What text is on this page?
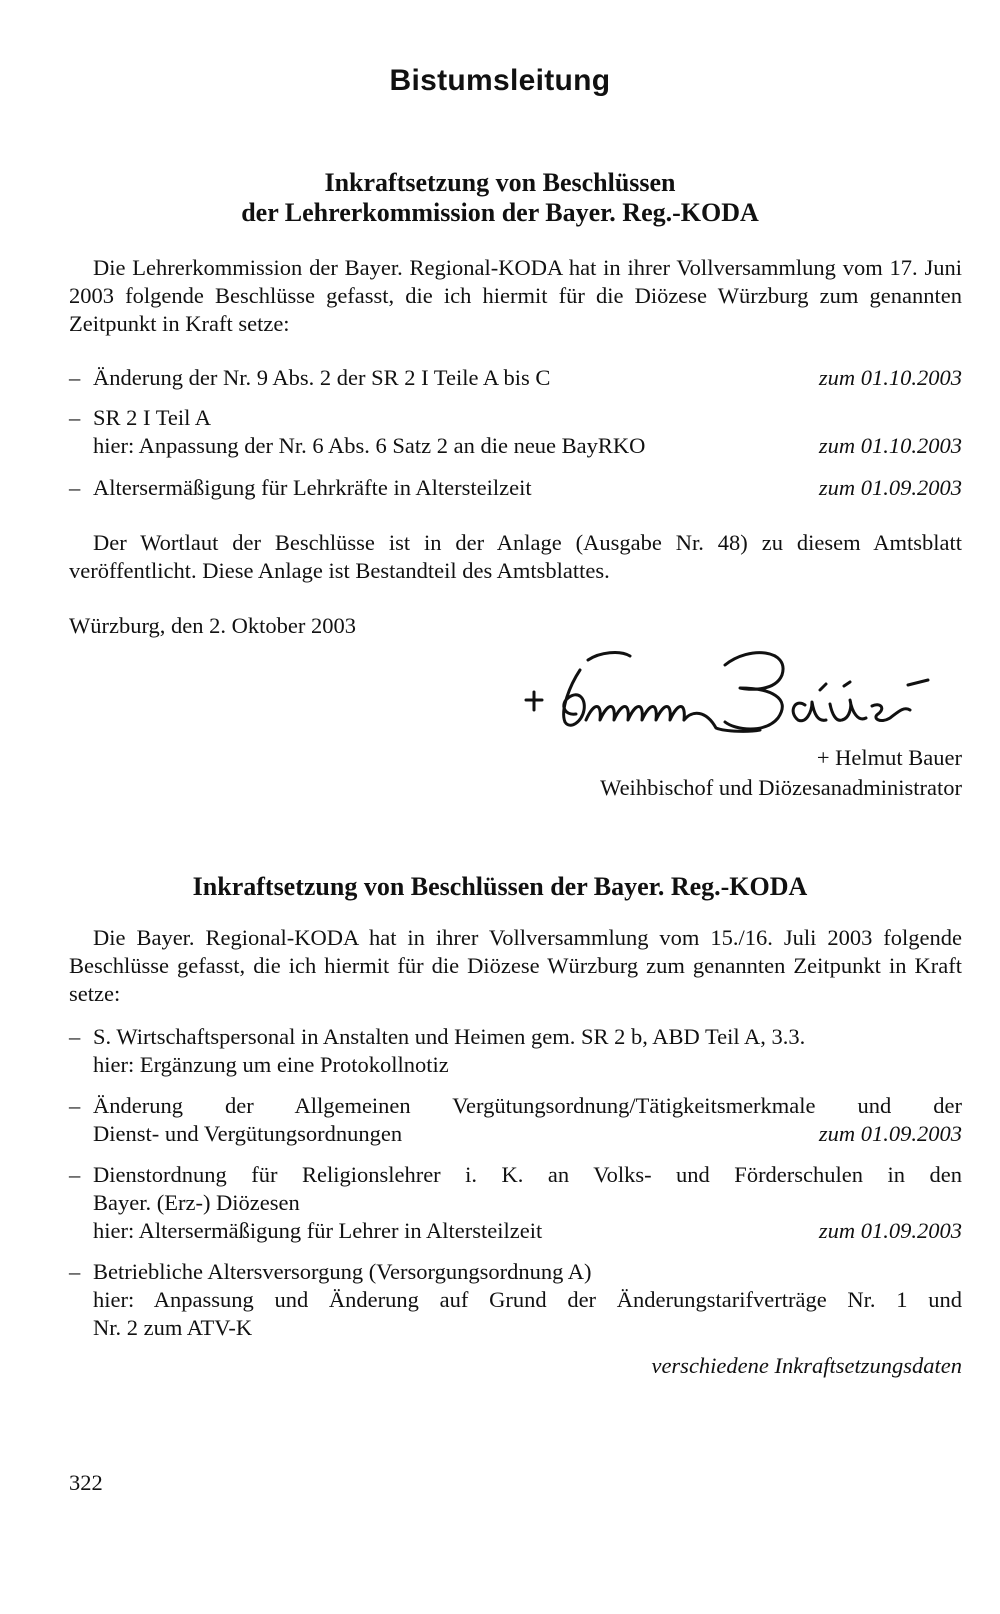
Bistumsleitung
Inkraftsetzung von Beschlüssen
der Lehrerkommission der Bayer. Reg.-KODA
Die Lehrerkommission der Bayer. Regional-KODA hat in ihrer Vollversammlung vom 17. Juni 2003 folgende Beschlüsse gefasst, die ich hiermit für die Diözese Würzburg zum genannten Zeitpunkt in Kraft setze:
– Änderung der Nr. 9 Abs. 2 der SR 2 I Teile A bis C	zum 01.10.2003
– SR 2 I Teil A
hier: Anpassung der Nr. 6 Abs. 6 Satz 2 an die neue BayRKO	zum 01.10.2003
– Altersermäßigung für Lehrkräfte in Altersteilzeit	zum 01.09.2003
Der Wortlaut der Beschlüsse ist in der Anlage (Ausgabe Nr. 48) zu diesem Amtsblatt veröffentlicht. Diese Anlage ist Bestandteil des Amtsblattes.
Würzburg, den 2. Oktober 2003
+ Helmut Bauer
Weihbischof und Diözesanadministrator
Inkraftsetzung von Beschlüssen der Bayer. Reg.-KODA
Die Bayer. Regional-KODA hat in ihrer Vollversammlung vom 15./16. Juli 2003 folgende Beschlüsse gefasst, die ich hiermit für die Diözese Würzburg zum genannten Zeitpunkt in Kraft setze:
– S. Wirtschaftspersonal in Anstalten und Heimen gem. SR 2 b, ABD Teil A, 3.3.
hier: Ergänzung um eine Protokollnotiz
– Änderung der Allgemeinen Vergütungsordnung/Tätigkeitsmerkmale und der
Dienst- und Vergütungsordnungen	zum 01.09.2003
– Dienstordnung für Religionslehrer i. K. an Volks- und Förderschulen in den
Bayer. (Erz-) Diözesen
hier: Altersermäßigung für Lehrer in Altersteilzeit	zum 01.09.2003
– Betriebliche Altersversorgung (Versorgungsordnung A)
hier: Anpassung und Änderung auf Grund der Änderungstarifverträge Nr. 1 und
Nr. 2 zum ATV-K
verschiedene Inkraftsetzungsdaten
322
